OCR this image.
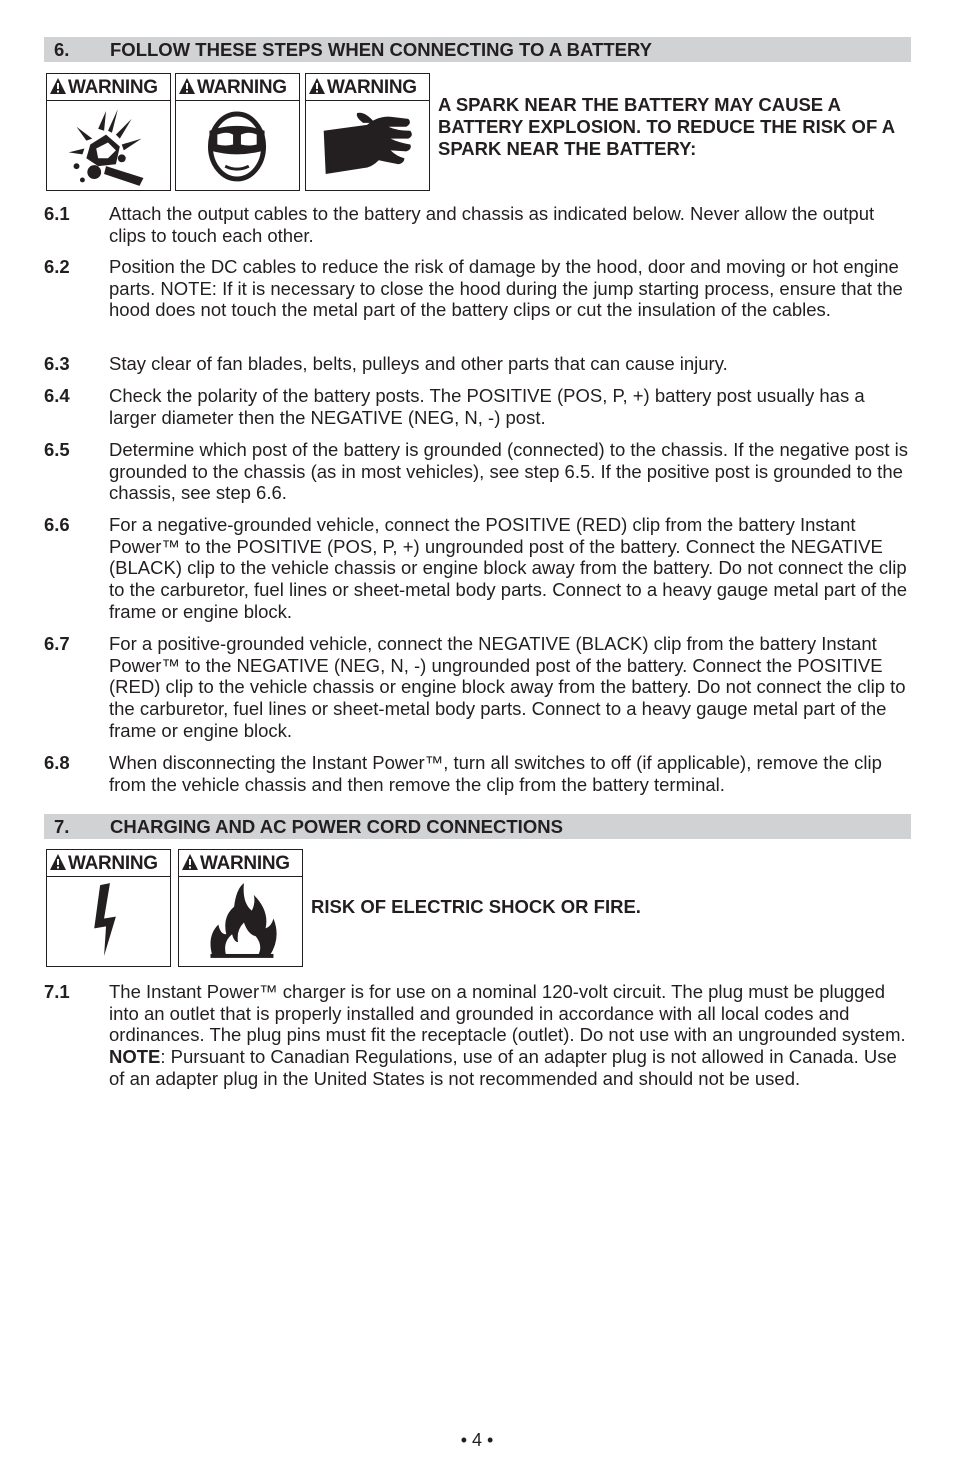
6. FOLLOW THESE STEPS WHEN CONNECTING TO A BATTERY
WARNING	WARNING	WARNING
A SPARK NEAR THE BATTERY MAY CAUSE A BATTERY EXPLOSION. TO REDUCE THE RISK OF A SPARK NEAR THE BATTERY:
6.1 Attach the output cables to the battery and chassis as indicated below. Never allow the output clips to touch each other.
6.2 Position the DC cables to reduce the risk of damage by the hood, door and moving or hot engine parts. NOTE: If it is necessary to close the hood during the jump starting process, ensure that the hood does not touch the metal part of the battery clips or cut the insulation of the cables.
6.3 Stay clear of fan blades, belts, pulleys and other parts that can cause injury.
6.4 Check the polarity of the battery posts. The POSITIVE (POS, P, +) battery post usually has a larger diameter then the NEGATIVE (NEG, N, -) post.
6.5 Determine which post of the battery is grounded (connected) to the chassis. If the negative post is grounded to the chassis (as in most vehicles), see step 6.5. If the positive post is grounded to the chassis, see step 6.6.
6.6 For a negative-grounded vehicle, connect the POSITIVE (RED) clip from the battery Instant Power™ to the POSITIVE (POS, P, +) ungrounded post of the battery. Connect the NEGATIVE (BLACK) clip to the vehicle chassis or engine block away from the battery. Do not connect the clip to the carburetor, fuel lines or sheet-metal body parts. Connect to a heavy gauge metal part of the frame or engine block.
6.7 For a positive-grounded vehicle, connect the NEGATIVE (BLACK) clip from the battery Instant Power™ to the NEGATIVE (NEG, N, -) ungrounded post of the battery. Connect the POSITIVE (RED) clip to the vehicle chassis or engine block away from the battery. Do not connect the clip to the carburetor, fuel lines or sheet-metal body parts. Connect to a heavy gauge metal part of the frame or engine block.
6.8 When disconnecting the Instant Power™, turn all switches to off (if applicable), remove the clip from the vehicle chassis and then remove the clip from the battery terminal.
7. CHARGING AND AC POWER CORD CONNECTIONS
WARNING	WARNING
RISK OF ELECTRIC SHOCK OR FIRE.
7.1 The Instant Power™ charger is for use on a nominal 120-volt circuit. The plug must be plugged into an outlet that is properly installed and grounded in accordance with all local codes and ordinances. The plug pins must fit the receptacle (outlet). Do not use with an ungrounded system. NOTE: Pursuant to Canadian Regulations, use of an adapter plug is not allowed in Canada. Use of an adapter plug in the United States is not recommended and should not be used.
• 4 •
